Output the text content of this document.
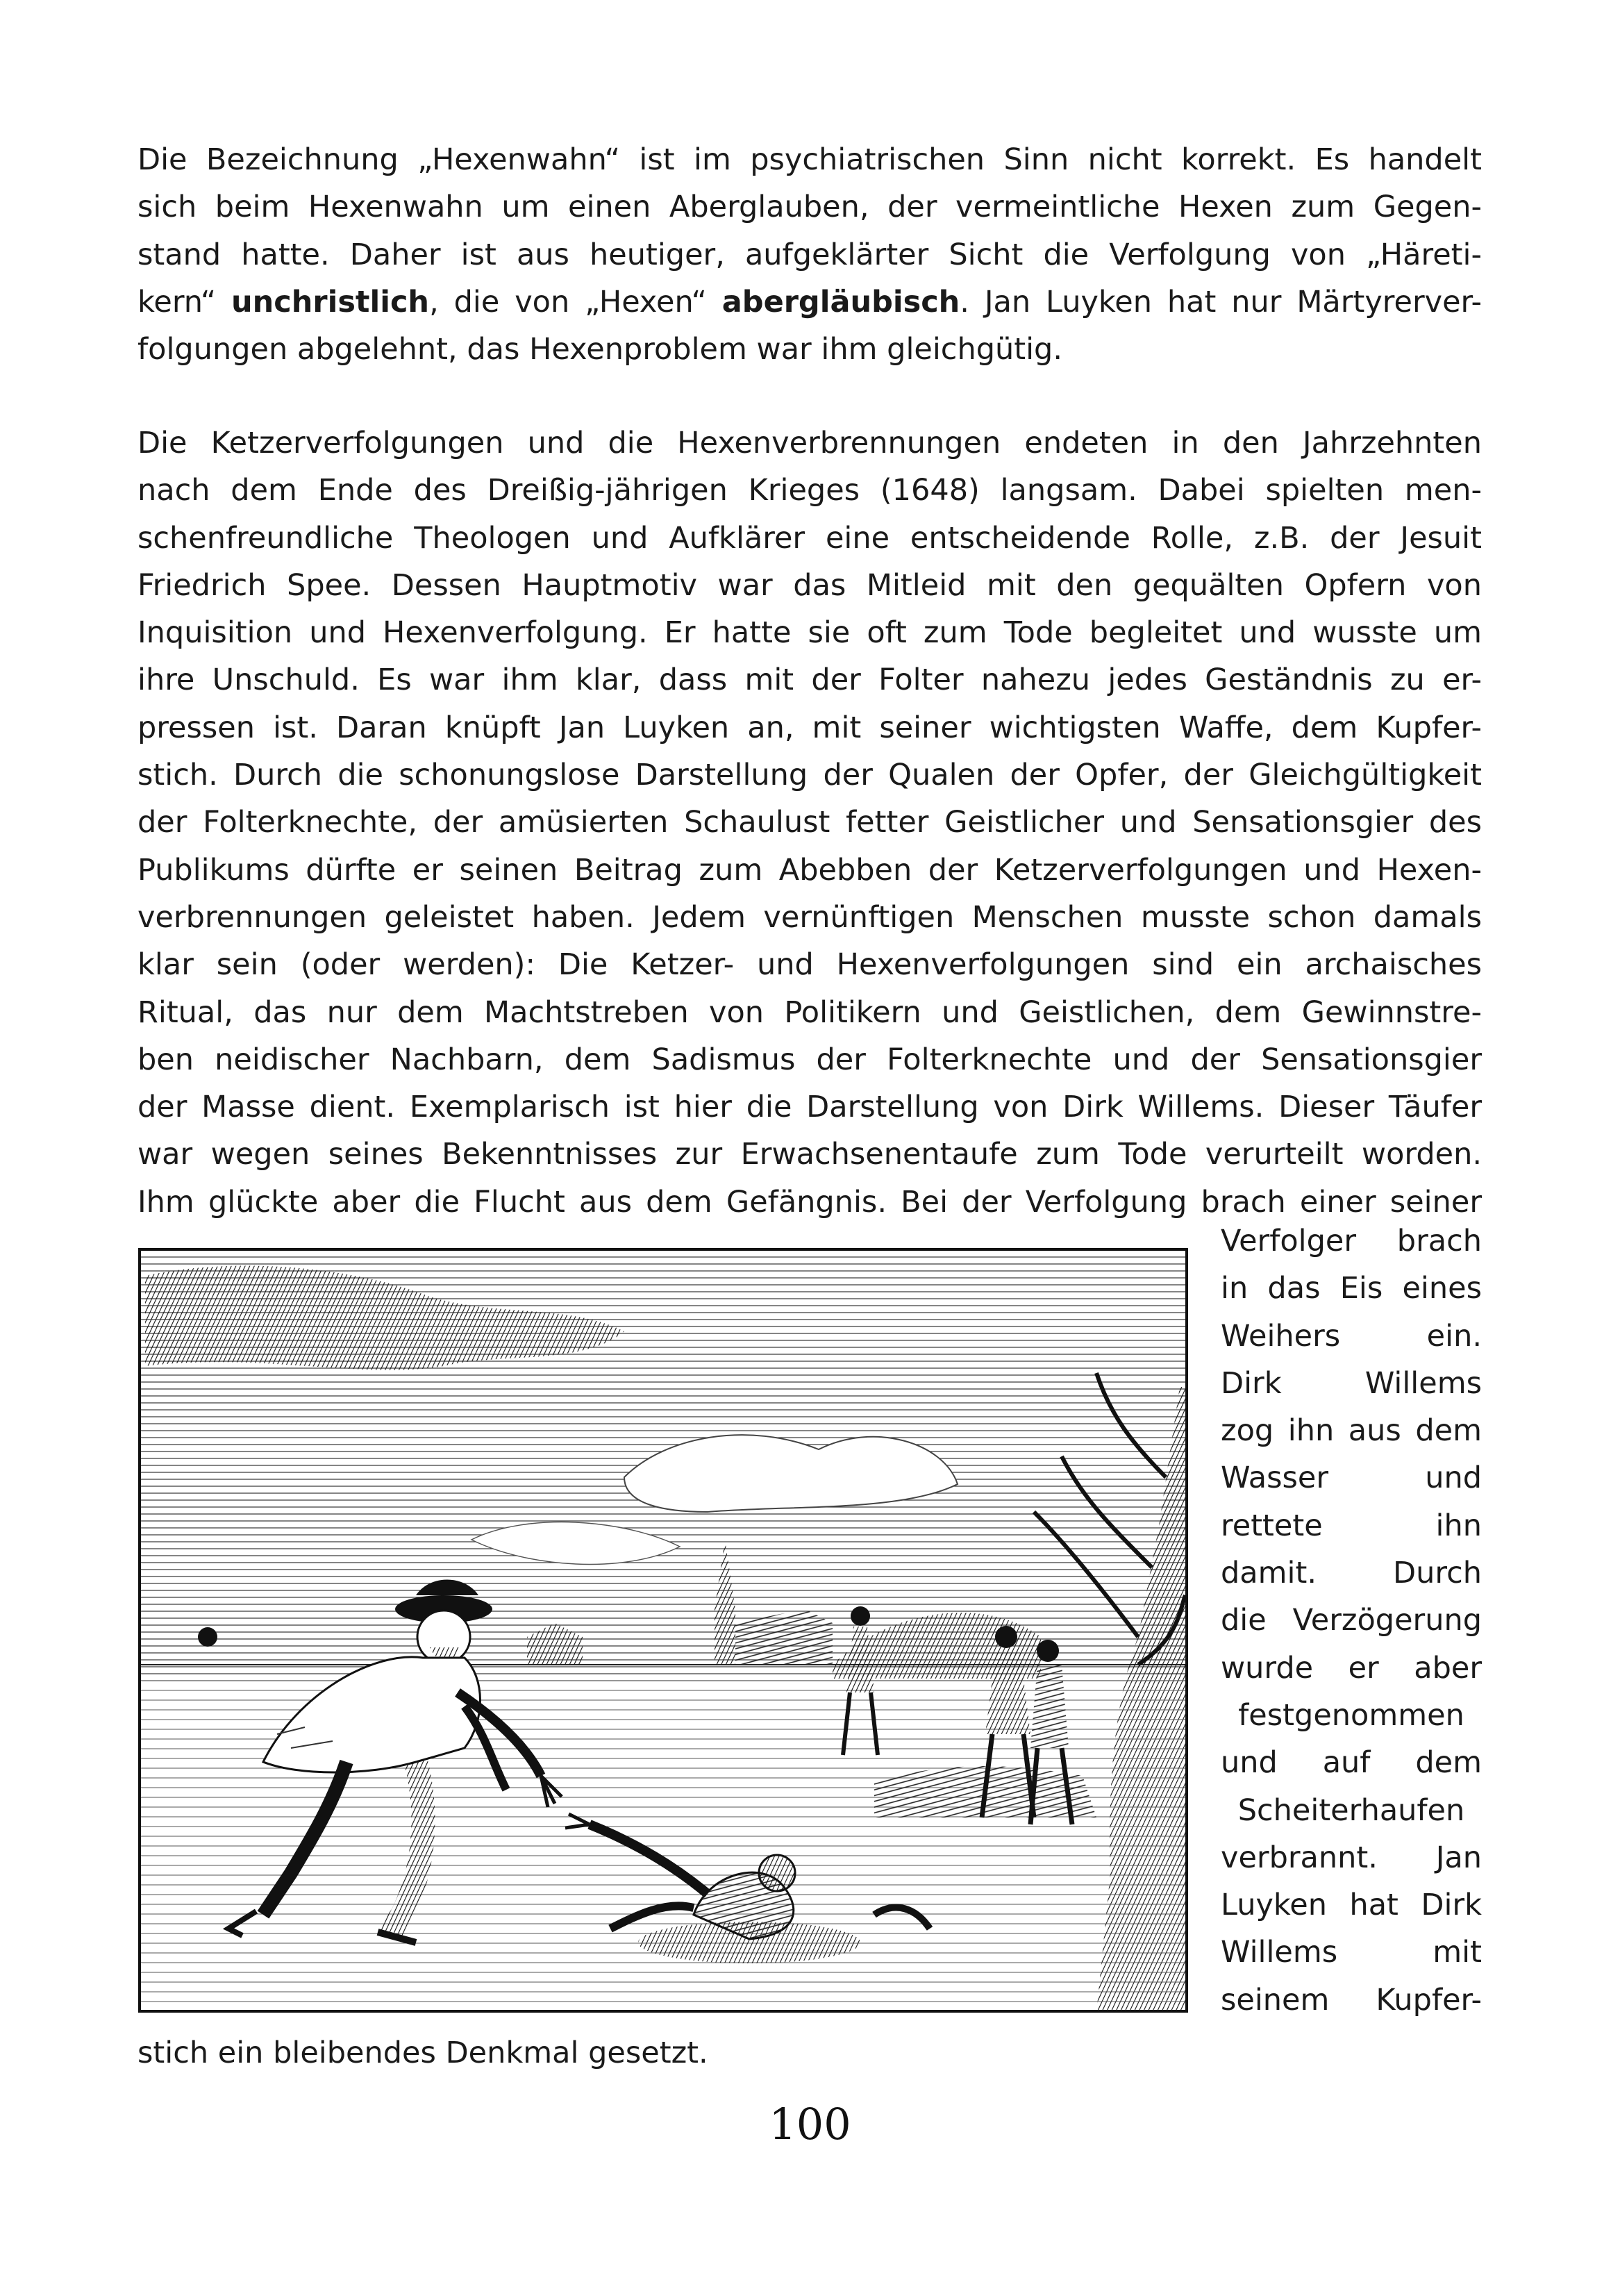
Die Bezeichnung „Hexenwahn“ ist im psychiatrischen Sinn nicht korrekt. Es handelt
sich beim Hexenwahn um einen Aberglauben, der vermeintliche Hexen zum Gegen-
stand hatte. Daher ist aus heutiger, aufgeklärter Sicht die Verfolgung von „Häreti-
kern“ unchristlich, die von „Hexen“ abergläubisch. Jan Luyken hat nur Märtyrerver-
folgungen abgelehnt, das Hexenproblem war ihm gleichgütig.
Die Ketzerverfolgungen und die Hexenverbrennungen endeten in den Jahrzehnten
nach dem Ende des Dreißig-jährigen Krieges (1648) langsam. Dabei spielten men-
schenfreundliche Theologen und Aufklärer eine entscheidende Rolle, z.B. der Jesuit
Friedrich Spee. Dessen Hauptmotiv war das Mitleid mit den gequälten Opfern von
Inquisition und Hexenverfolgung. Er hatte sie oft zum Tode begleitet und wusste um
ihre Unschuld. Es war ihm klar, dass mit der Folter nahezu jedes Geständnis zu er-
pressen ist. Daran knüpft Jan Luyken an, mit seiner wichtigsten Waffe, dem Kupfer-
stich. Durch die schonungslose Darstellung der Qualen der Opfer, der Gleichgültigkeit
der Folterknechte, der amüsierten Schaulust fetter Geistlicher und Sensationsgier des
Publikums dürfte er seinen Beitrag zum Abebben der Ketzerverfolgungen und Hexen-
verbrennungen geleistet haben. Jedem vernünftigen Menschen musste schon damals
klar sein (oder werden): Die Ketzer- und Hexenverfolgungen sind ein archaisches
Ritual, das nur dem Machtstreben von Politikern und Geistlichen, dem Gewinnstre-
ben neidischer Nachbarn, dem Sadismus der Folterknechte und der Sensationsgier
der Masse dient. Exemplarisch ist hier die Darstellung von Dirk Willems. Dieser Täufer
war wegen seines Bekenntnisses zur Erwachsenentaufe zum Tode verurteilt worden.
Ihm glückte aber die Flucht aus dem Gefängnis. Bei der Verfolgung brach einer seiner
Verfolger brach
in das Eis eines
Weihers ein.
Dirk Willems
zog ihn aus dem
Wasser und
rettete ihn
damit. Durch
die Verzögerung
wurde er aber
festgenommen
und auf dem
Scheiterhaufen
verbrannt. Jan
Luyken hat Dirk
Willems mit
seinem Kupfer-
stich ein bleibendes Denkmal gesetzt.
100
